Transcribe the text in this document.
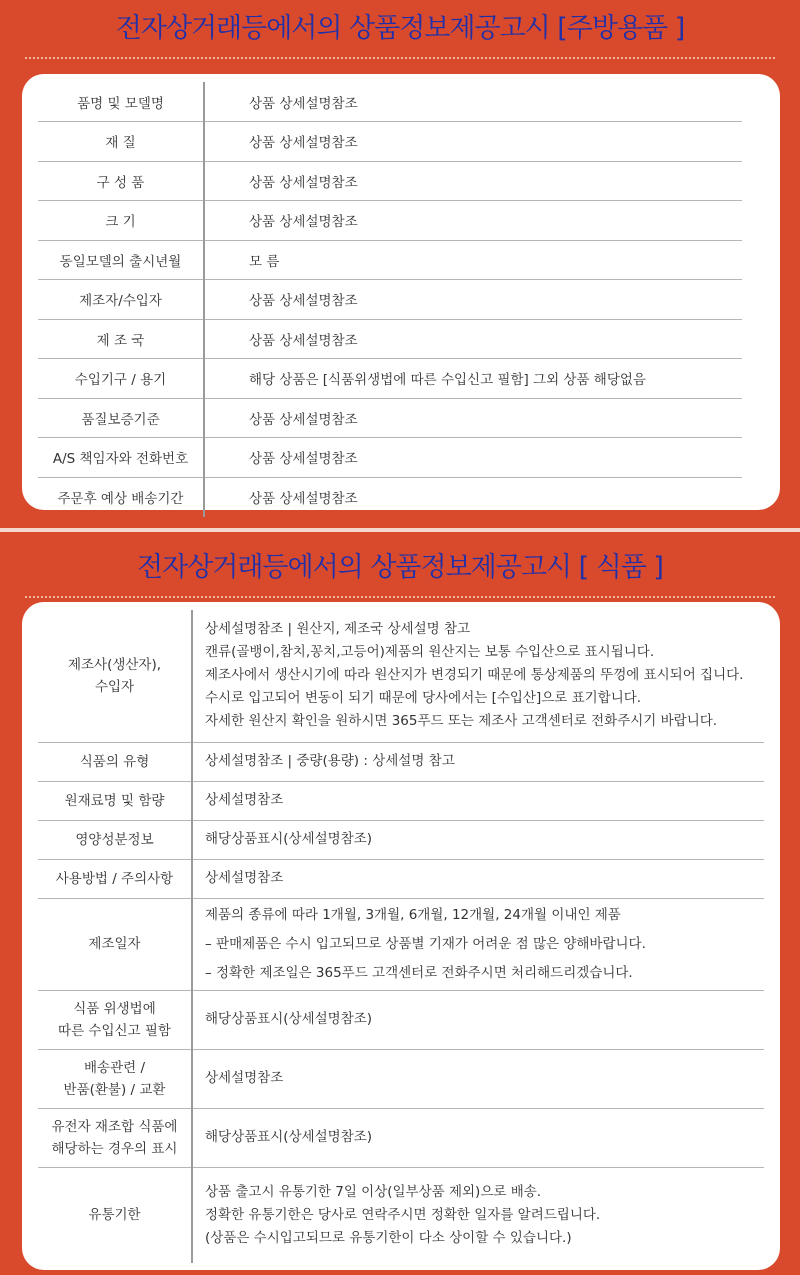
전자상거래등에서의 상품정보제공고시 [주방용품 ]
품명 및 모델명	상품 상세설명참조
재 질	상품 상세설명참조
구 성 품	상품 상세설명참조
크 기	상품 상세설명참조
동일모델의 출시년월	모 름
제조자/수입자	상품 상세설명참조
제 조 국	상품 상세설명참조
수입기구 / 용기	해당 상품은 [식품위생법에 따른 수입신고 필함] 그외 상품 해당없음
품질보증기준	상품 상세설명참조
A/S 책임자와 전화번호	상품 상세설명참조
주문후 예상 배송기간	상품 상세설명참조
전자상거래등에서의 상품정보제공고시 [ 식품 ]
제조사(생산자),
수입자	상세설명참조 | 원산지, 제조국 상세설명 참고
캔류(골뱅이,참치,꽁치,고등어)제품의 원산지는 보통 수입산으로 표시됩니다.
제조사에서 생산시기에 따라 원산지가 변경되기 때문에 통상제품의 뚜껑에 표시되어 집니다.
수시로 입고되어 변동이 되기 때문에 당사에서는 [수입산]으로 표기합니다.
자세한 원산지 확인을 원하시면 365푸드 또는 제조사 고객센터로 전화주시기 바랍니다.

식품의 유형	상세설명참조 | 중량(용량) : 상세설명 참고

원재료명 및 함량	상세설명참조

영양성분정보	해당상품표시(상세설명참조)

사용방법 / 주의사항	상세설명참조

제조일자	제품의 종류에 따라 1개월, 3개월, 6개월, 12개월, 24개월 이내인 제품
– 판매제품은 수시 입고되므로 상품별 기재가 어려운 점 많은 양해바랍니다.
– 정확한 제조일은 365푸드 고객센터로 전화주시면 처리해드리겠습니다.

식품 위생법에
따른 수입신고 필함	해당상품표시(상세설명참조)

배송관련 /
반품(환불) / 교환	상세설명참조

유전자 재조합 식품에
해당하는 경우의 표시	해당상품표시(상세설명참조)

유통기한	상품 출고시 유통기한 7일 이상(일부상품 제외)으로 배송.
정확한 유통기한은 당사로 연락주시면 정확한 일자를 알려드립니다.
(상품은 수시입고되므로 유통기한이 다소 상이할 수 있습니다.)
